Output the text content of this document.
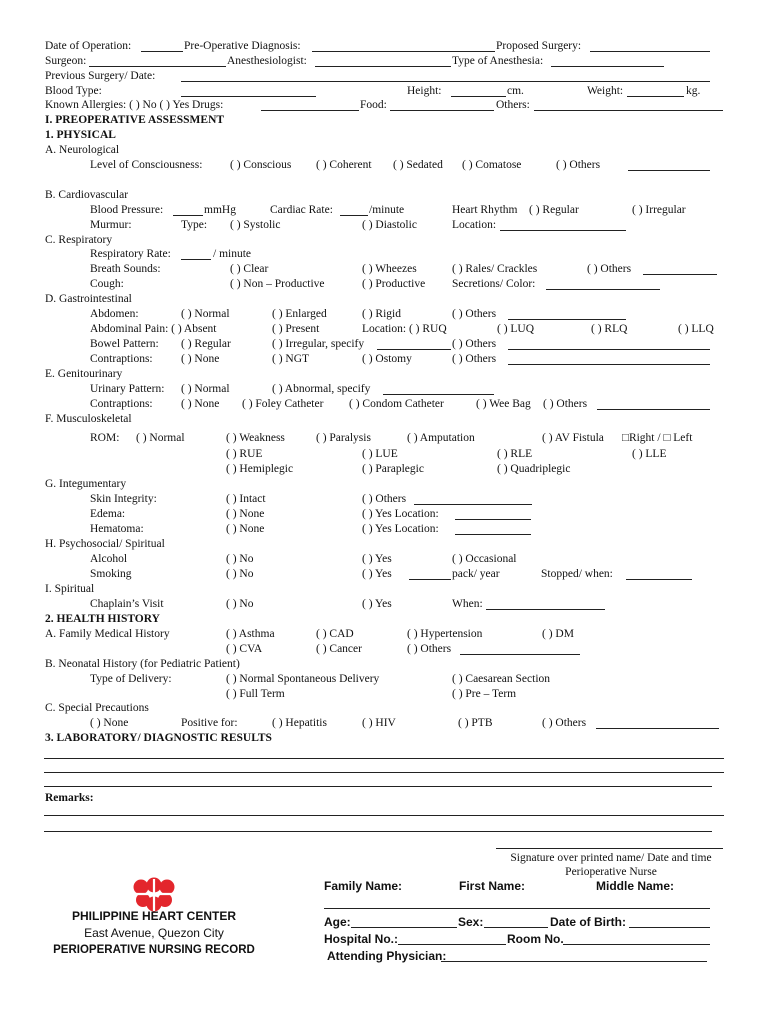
Date of Operation:	Pre-Operative Diagnosis:	Proposed Surgery:
Surgeon:	Anesthesiologist:	Type of Anesthesia:
Previous Surgery/ Date:
Blood Type:	Height:	cm.	Weight:	kg.
Known Allergies: ( ) No ( ) Yes Drugs:	Food:	Others:
I. PREOPERATIVE ASSESSMENT
1. PHYSICAL
A. Neurological
Level of Consciousness: ( ) Conscious ( ) Coherent ( ) Sedated ( ) Comatose	( ) Others
B. Cardiovascular
Blood Pressure:	mmHg	Cardiac Rate:	/minute	Heart Rhythm ( ) Regular	( ) Irregular
Murmur:	Type: ( ) Systolic	( ) Diastolic	Location:
C. Respiratory
Respiratory Rate:	/ minute
Breath Sounds:	( ) Clear	( ) Wheezes	( ) Rales/ Crackles	( ) Others
Cough:	( ) Non – Productive	( ) Productive Secretions/ Color:
D. Gastrointestinal
Abdomen:	( ) Normal	( ) Enlarged	( ) Rigid	( ) Others
Abdominal Pain: ( ) Absent	( ) Present	Location: ( ) RUQ	( ) LUQ	( ) RLQ	( ) LLQ
Bowel Pattern: ( ) Regular	( ) Irregular, specify	( ) Others
Contraptions: ( ) None	( ) NGT	( ) Ostomy	( ) Others
E. Genitourinary
Urinary Pattern: ( ) Normal	( ) Abnormal, specify
Contraptions: ( ) None ( ) Foley Catheter ( ) Condom Catheter	( ) Wee Bag ( ) Others
F. Musculoskeletal
ROM: ( ) Normal	( ) Weakness	( ) Paralysis	( ) Amputation	( ) AV Fistula □Right / □ Left
( ) RUE	( ) LUE	( ) RLE	( ) LLE
( ) Hemiplegic	( ) Paraplegic	( ) Quadriplegic
G. Integumentary
Skin Integrity:	( ) Intact	( ) Others
Edema:	( ) None	( ) Yes Location:
Hematoma:	( ) None	( ) Yes Location:
H. Psychosocial/ Spiritual
Alcohol	( ) No	( ) Yes	( ) Occasional
Smoking	( ) No	( ) Yes	pack/ year	Stopped/ when:
I. Spiritual
Chaplain’s Visit	( ) No	( ) Yes	When:
2. HEALTH HISTORY
A. Family Medical History	( ) Asthma	( ) CAD	( ) Hypertension	( ) DM
( ) CVA	( ) Cancer	( ) Others
B. Neonatal History (for Pediatric Patient)
Type of Delivery:	( ) Normal Spontaneous Delivery	( ) Caesarean Section
( ) Full Term	( ) Pre – Term
C. Special Precautions
( ) None	Positive for:	( ) Hepatitis	( ) HIV	( ) PTB	( ) Others
3. LABORATORY/ DIAGNOSTIC RESULTS
Remarks:
Signature over printed name/ Date and time
Perioperative Nurse
PHILIPPINE HEART CENTER
East Avenue, Quezon City
PERIOPERATIVE NURSING RECORD
Family Name:	First Name:	Middle Name:
Age:	Sex:	Date of Birth:
Hospital No.:	Room No.
Attending Physician:
